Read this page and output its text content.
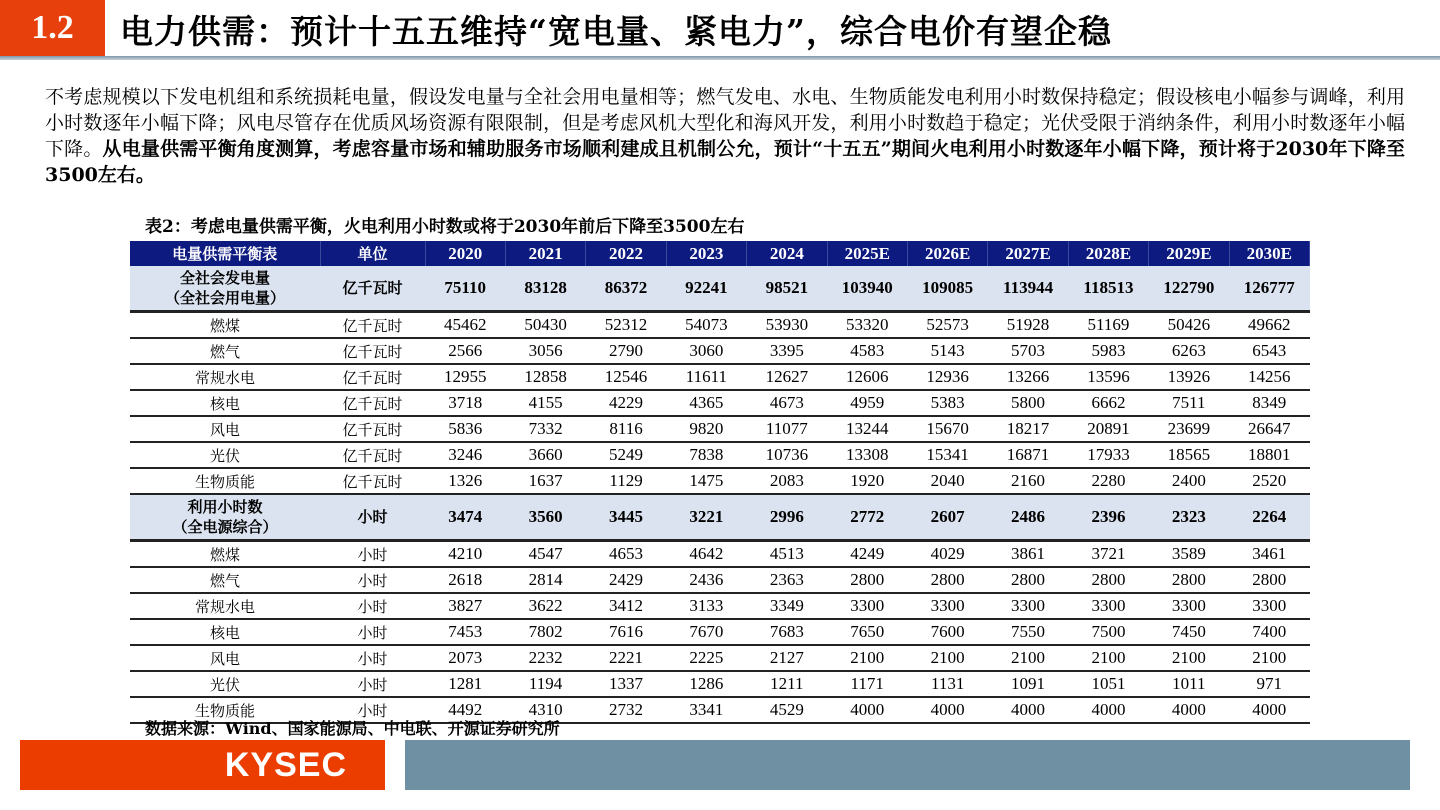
1.2	电力供需：预计十五五维持“宽电量、紧电力”，综合电价有望企稳
不考虑规模以下发电机组和系统损耗电量，假设发电量与全社会用电量相等；燃气发电、水电、生物质能发电利用小时数保持稳定；假设核电小幅参与调峰，利用小时数逐年小幅下降；风电尽管存在优质风场资源有限限制，但是考虑风机大型化和海风开发，利用小时数趋于稳定；光伏受限于消纳条件，利用小时数逐年小幅下降。从电量供需平衡角度测算，考虑容量市场和辅助服务市场顺利建成且机制公允，预计“十五五”期间火电利用小时数逐年小幅下降，预计将于2030年下降至3500左右。
表2：考虑电量供需平衡，火电利用小时数或将于2030年前后下降至3500左右
电量供需平衡表	单位	2020	2021	2022	2023	2024	2025E	2026E	2027E	2028E	2029E	2030E

全社会发电量
（全社会用电量）	亿千瓦时	75110	83128	86372	92241	98521	103940	109085	113944	118513	122790	126777

燃煤	亿千瓦时	45462	50430	52312	54073	53930	53320	52573	51928	51169	50426	49662

燃气	亿千瓦时	2566	3056	2790	3060	3395	4583	5143	5703	5983	6263	6543

常规水电	亿千瓦时	12955	12858	12546	11611	12627	12606	12936	13266	13596	13926	14256

核电	亿千瓦时	3718	4155	4229	4365	4673	4959	5383	5800	6662	7511	8349

风电	亿千瓦时	5836	7332	8116	9820	11077	13244	15670	18217	20891	23699	26647

光伏	亿千瓦时	3246	3660	5249	7838	10736	13308	15341	16871	17933	18565	18801

生物质能	亿千瓦时	1326	1637	1129	1475	2083	1920	2040	2160	2280	2400	2520

利用小时数
（全电源综合）	小时	3474	3560	3445	3221	2996	2772	2607	2486	2396	2323	2264

燃煤	小时	4210	4547	4653	4642	4513	4249	4029	3861	3721	3589	3461

燃气	小时	2618	2814	2429	2436	2363	2800	2800	2800	2800	2800	2800

常规水电	小时	3827	3622	3412	3133	3349	3300	3300	3300	3300	3300	3300

核电	小时	7453	7802	7616	7670	7683	7650	7600	7550	7500	7450	7400

风电	小时	2073	2232	2221	2225	2127	2100	2100	2100	2100	2100	2100

光伏	小时	1281	1194	1337	1286	1211	1171	1131	1091	1051	1011	971

生物质能	小时	4492	4310	2732	3341	4529	4000	4000	4000	4000	4000	4000
数据来源：Wind、国家能源局、中电联、开源证券研究所
KYSEC
